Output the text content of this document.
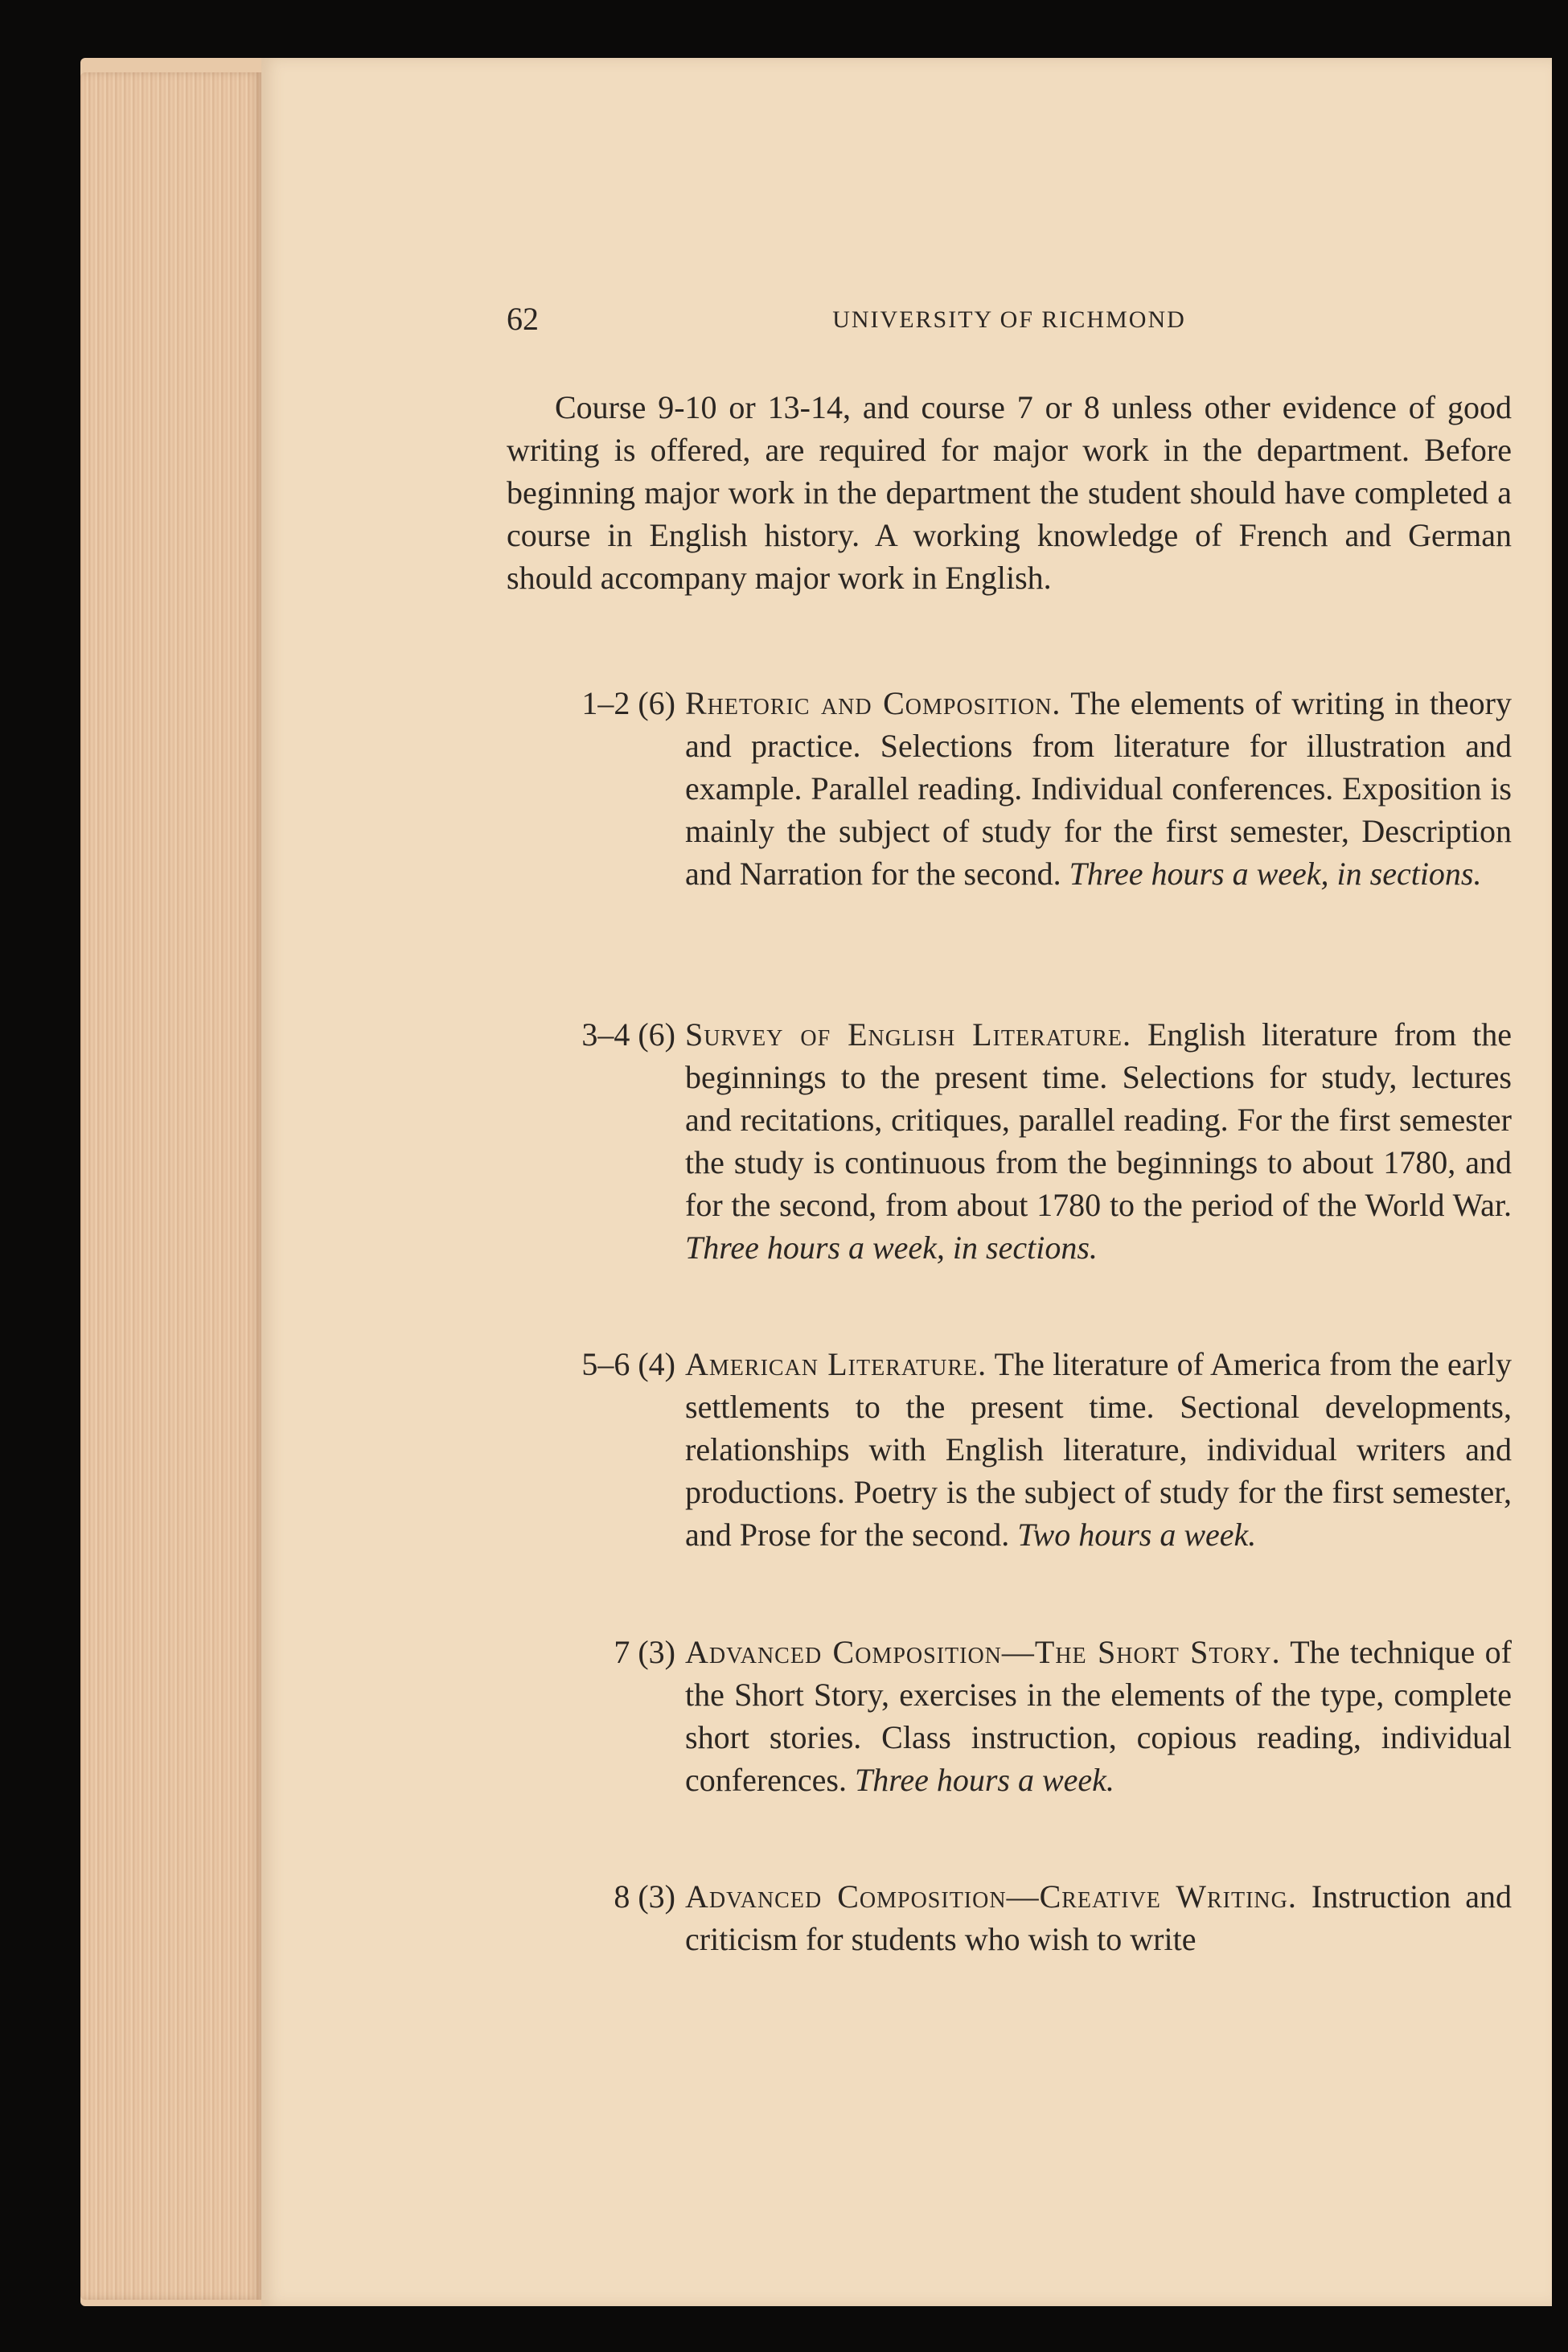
62	UNIVERSITY OF RICHMOND

Course 9-10 or 13-14, and course 7 or 8 unless other evidence of good writing is offered, are required for major work in the department. Before beginning major work in the department the student should have completed a course in English history. A working knowledge of French and German should accompany major work in English.

1–2 (6) Rhetoric and Composition. The elements of writing in theory and practice. Selections from literature for illustration and example. Parallel reading. Individual conferences. Exposition is mainly the subject of study for the first semester, Description and Narration for the second. Three hours a week, in sections.
3–4 (6) Survey of English Literature. English literature from the beginnings to the present time. Selections for study, lectures and recitations, critiques, parallel reading. For the first semester the study is continuous from the beginnings to about 1780, and for the second, from about 1780 to the period of the World War. Three hours a week, in sections.
5–6 (4) American Literature. The literature of America from the early settlements to the present time. Sectional developments, relationships with English literature, individual writers and productions. Poetry is the subject of study for the first semester, and Prose for the second. Two hours a week.
7 (3) Advanced Composition—The Short Story. The technique of the Short Story, exercises in the elements of the type, complete short stories. Class instruction, copious reading, individual conferences. Three hours a week.
8 (3) Advanced Composition—Creative Writing. Instruction and criticism for students who wish to write
